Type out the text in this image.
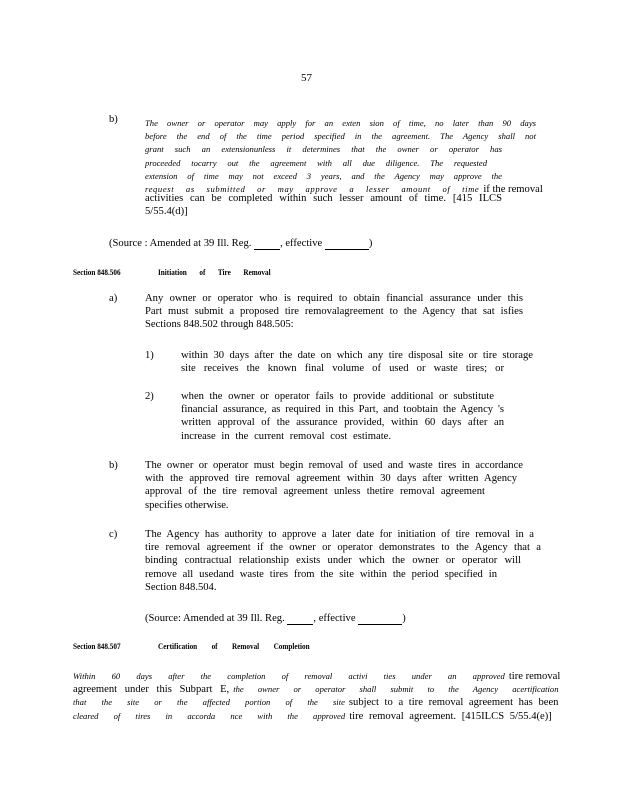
57
b)	The owner or operator may apply for an exten sion of time, no later than 90 days
before the end of the time period specified in the agreement. The Agency shall not
grant such an extensionunless it determines that the owner or operator has
proceeded tocarry out the agreement with all due diligence. The requested
extension of time may not exceed 3 years, and the Agency may approve the
request as submitted or may approve a lesser amount of time if the removal
activities can be completed within such lesser amount of time. [415 ILCS
5/55.4(d)]
(Source : Amended at 39 Ill. Reg.	, effective	)
Section 848.506	Initiation of Tire Removal
a)	Any owner or operator who is required to obtain financial assurance under this
Part must submit a proposed tire removalagreement to the Agency that sat isfies
Sections 848.502 through 848.505:
1)	within 30 days after the date on which any tire disposal site or tire storage
site receives the known final volume of used or waste tires; or
2)	when the owner or operator fails to provide additional or substitute
financial assurance, as required in this Part, and toobtain the Agency 's
written approval of the assurance provided, within 60 days after an
increase in the current removal cost estimate.
b)	The owner or operator must begin removal of used and waste tires in accordance
with the approved tire removal agreement within 30 days after written Agency
approval of the tire removal agreement unless thetire removal agreement
specifies otherwise.
c)	The Agency has authority to approve a later date for initiation of tire removal in a
tire removal agreement if the owner or operator demonstrates to the Agency that a
binding contractual relationship exists under which the owner or operator will
remove all usedand waste tires from the site within the period specified in
Section 848.504.
(Source: Amended at 39 Ill. Reg.	, effective	)
Section 848.507	Certification of Removal Completion
Within 60 days after the completion of removal activi ties under an approved tire removal
agreement under this Subpart E, the owner or operator shall submit to the Agency acertification
that the site or the affected portion of the site subject to a tire removal agreement has been
cleared of tires in accorda nce with the approved tire removal agreement. [415ILCS 5/55.4(e)]
